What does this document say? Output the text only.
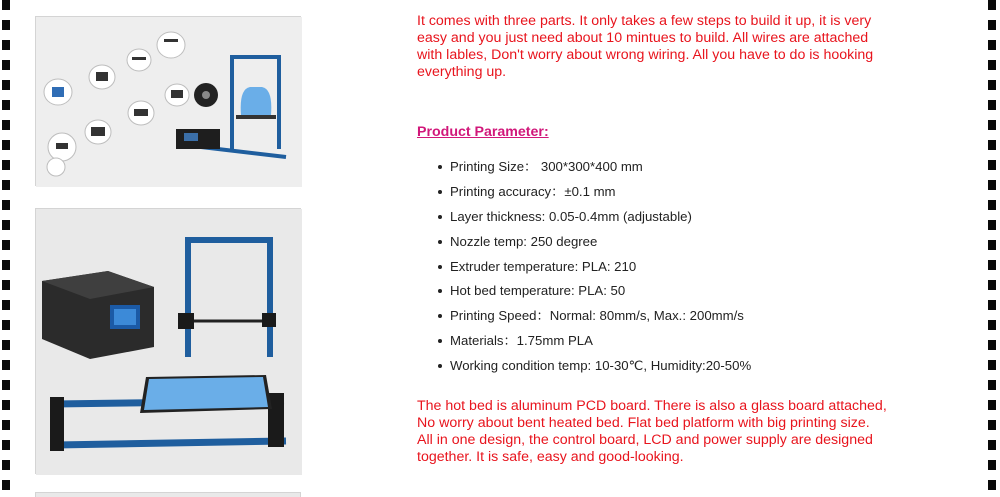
It comes with three parts. It only takes a few steps to build it up, it is very easy and you just need about 10 mintues to build. All wires are attached with lables, Don't worry about wrong wiring. All you have to do is hooking everything up.

Product Parameter:
Printing Size： 300*300*400 mm
Printing accuracy：±0.1 mm
Layer thickness: 0.05-0.4mm (adjustable)
Nozzle temp: 250 degree
Extruder temperature: PLA: 210
Hot bed temperature: PLA: 50
Printing Speed：Normal: 80mm/s, Max.: 200mm/s
Materials：1.75mm PLA
Working condition temp: 10-30℃, Humidity:20-50%

The hot bed is aluminum PCD board. There is also a glass board attached, No worry about bent heated bed. Flat bed platform with big printing size. All in one design, the control board, LCD and power supply are designed together. It is safe, easy and good-looking.
